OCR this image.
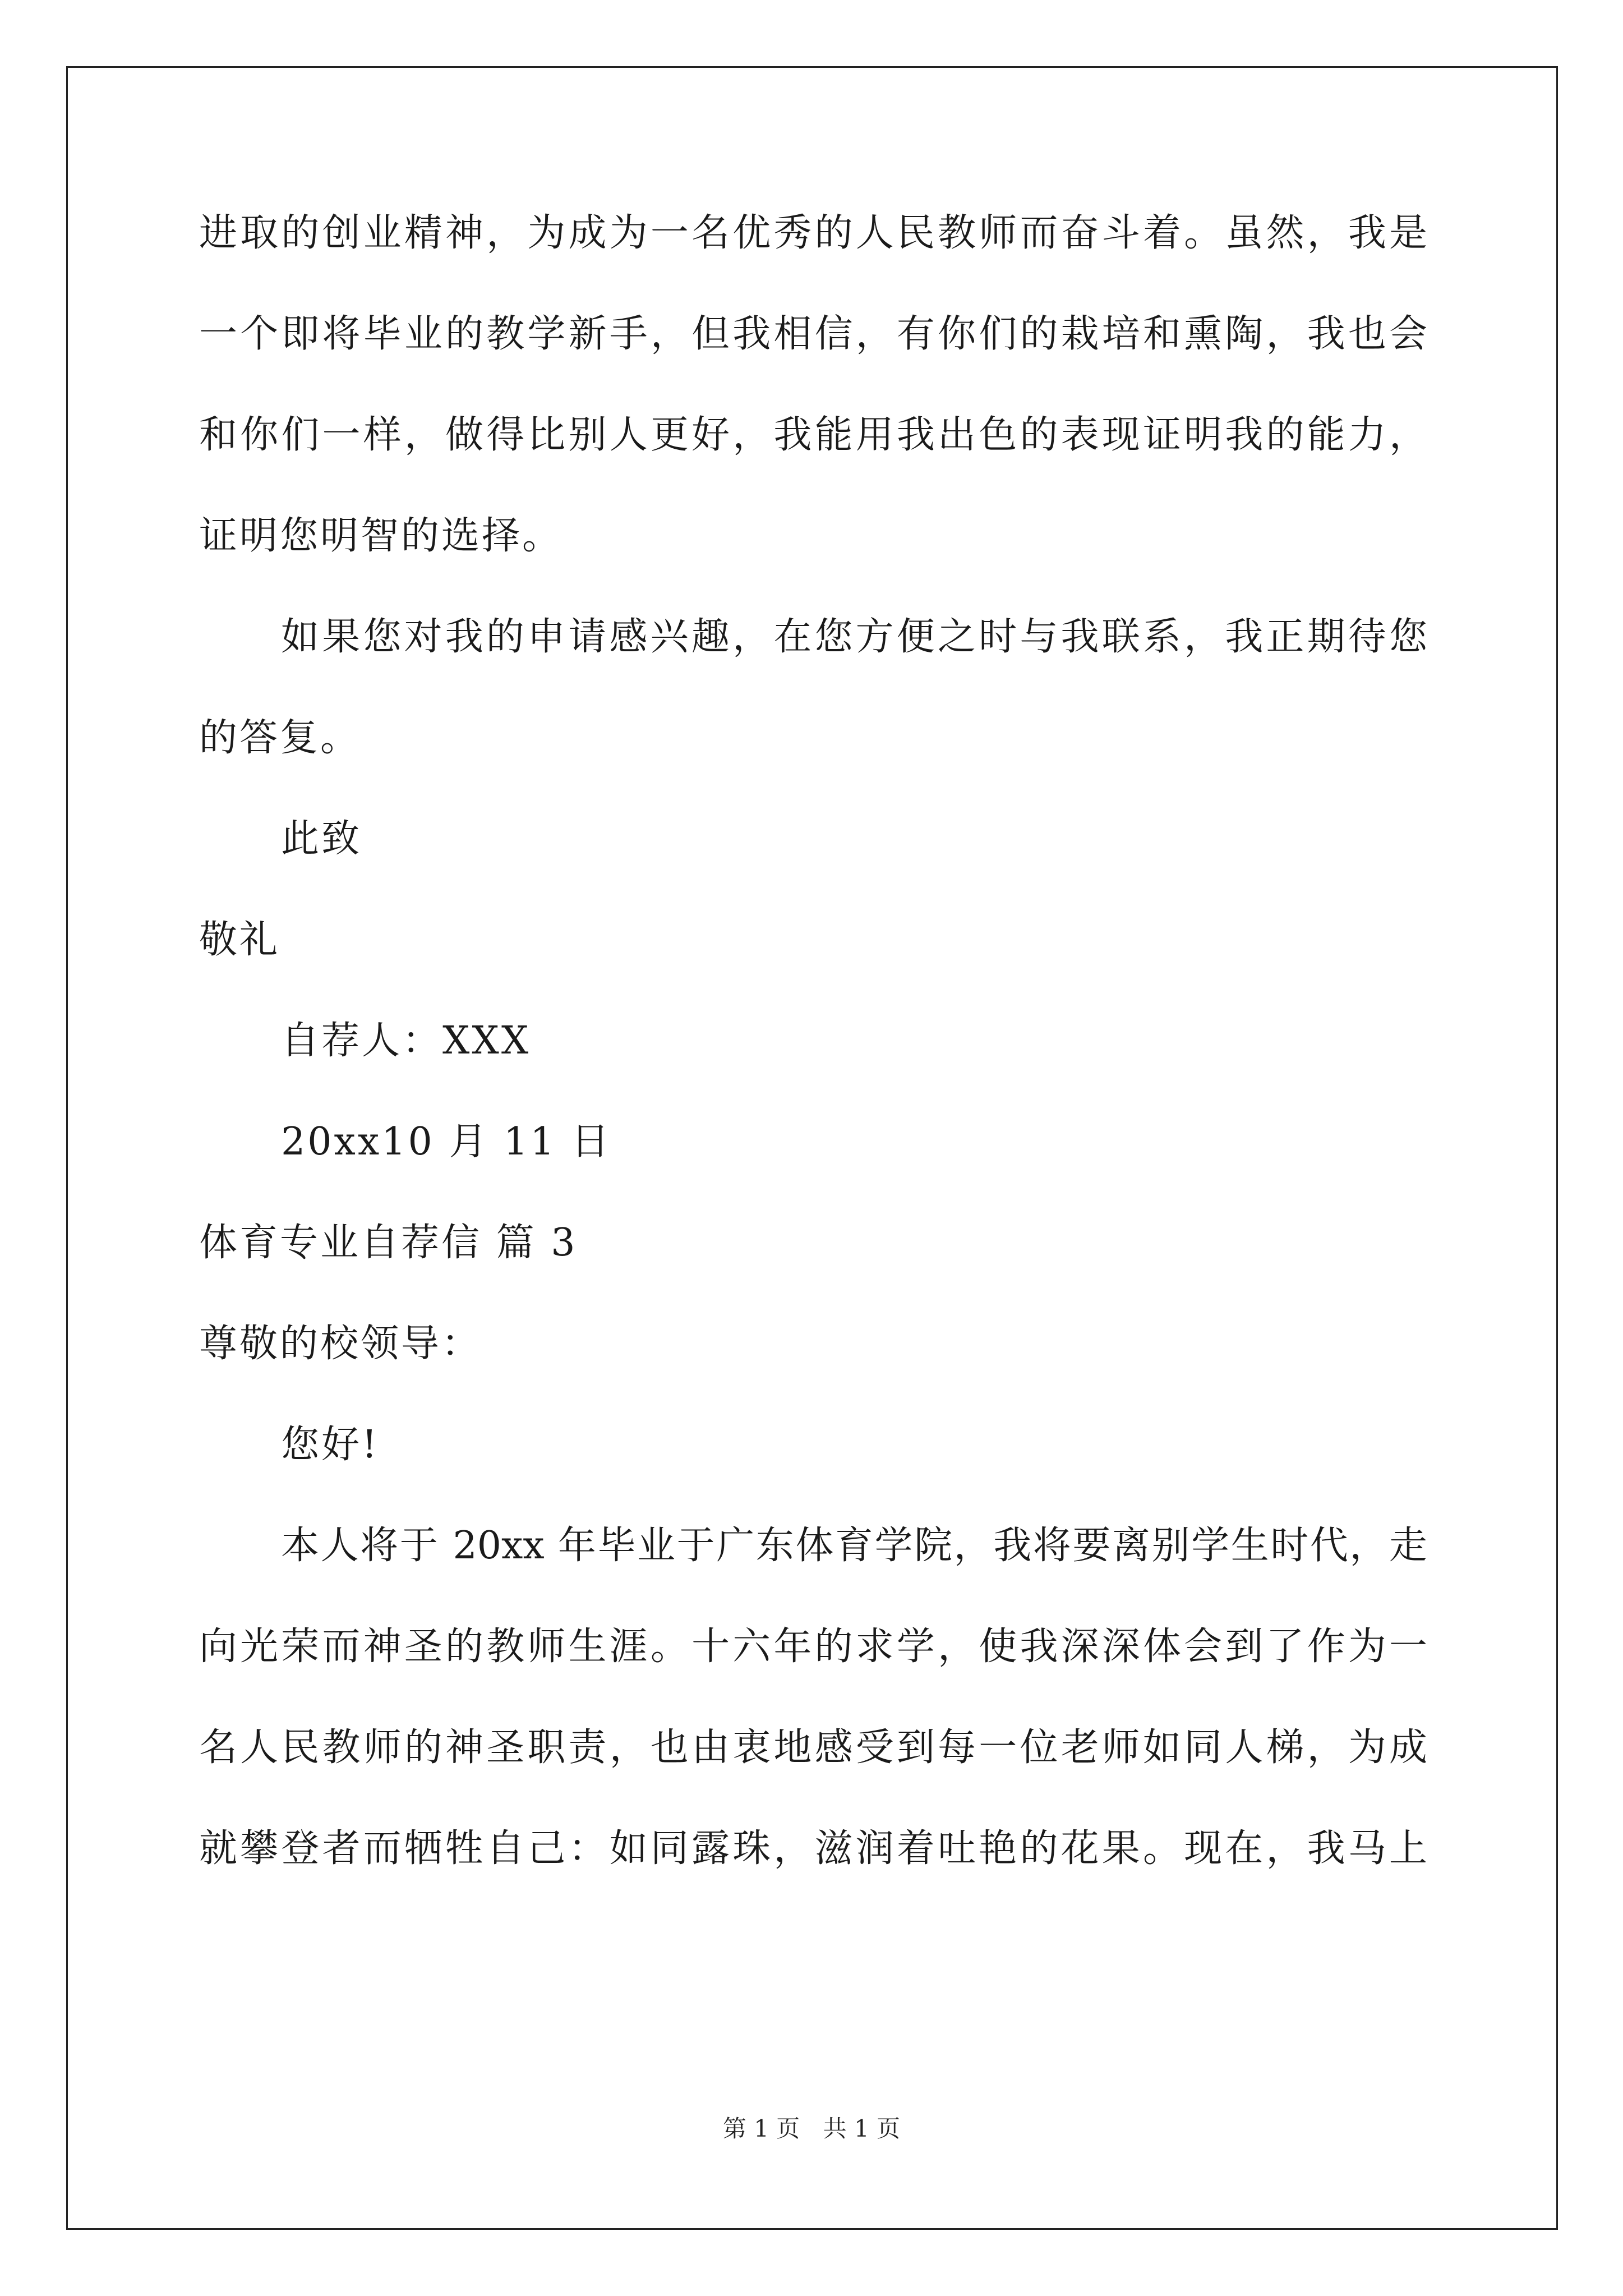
进取的创业精神，为成为一名优秀的人民教师而奋斗着。虽然，我是
一个即将毕业的教学新手，但我相信，有你们的栽培和熏陶，我也会
和你们一样，做得比别人更好，我能用我出色的表现证明我的能力，
证明您明智的选择。
如果您对我的申请感兴趣，在您方便之时与我联系，我正期待您
的答复。
此致
敬礼
自荐人：XXX
20xx10 月 11 日
体育专业自荐信 篇 3
尊敬的校领导：
您好!
本人将于 20xx 年毕业于广东体育学院，我将要离别学生时代，走
向光荣而神圣的教师生涯。十六年的求学，使我深深体会到了作为一
名人民教师的神圣职责，也由衷地感受到每一位老师如同人梯，为成
就攀登者而牺牲自己：如同露珠，滋润着吐艳的花果。现在，我马上
第 1 页 共 1 页
